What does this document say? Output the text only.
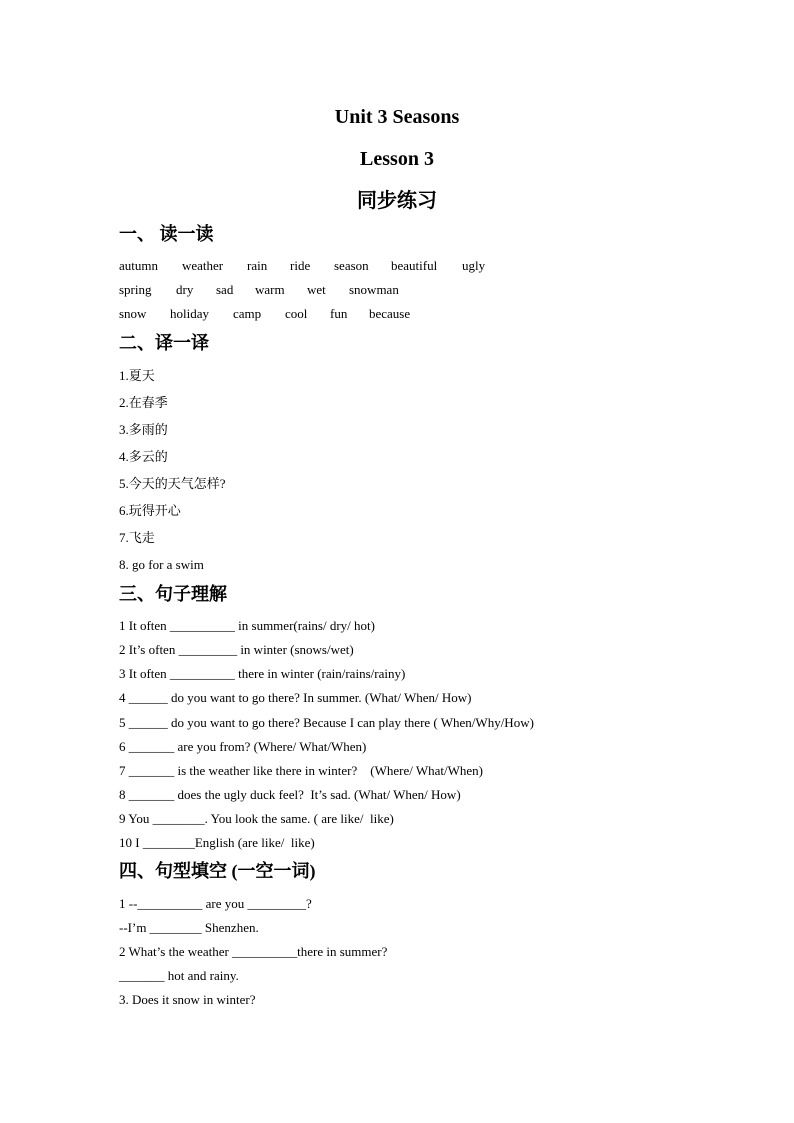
Unit 3 Seasons
Lesson 3
同步练习
一、 读一读
autumn weather rain ride season beautiful ugly
spring dry sad warm wet snowman
snow holiday camp cool fun because
二、译一译
1.夏天
2.在春季
3.多雨的
4.多云的
5.今天的天气怎样?
6.玩得开心
7.飞走
8. go for a swim
三、句子理解
1 It often __________ in summer(rains/ dry/ hot)
2 It’s often _________ in winter (snows/wet)
3 It often __________ there in winter (rain/rains/rainy)
4 ______ do you want to go there? In summer. (What/ When/ How)
5 ______ do you want to go there? Because I can play there ( When/Why/How)
6 _______ are you from? (Where/ What/When)
7 _______ is the weather like there in winter?    (Where/ What/When)
8 _______ does the ugly duck feel?  It’s sad. (What/ When/ How)
9 You ________. You look the same. ( are like/  like)
10 I ________English (are like/  like)
四、句型填空 (一空一词)
1 --__________ are you _________?
--I’m ________ Shenzhen.
2 What’s the weather __________there in summer?
_______ hot and rainy.
3. Does it snow in winter?
